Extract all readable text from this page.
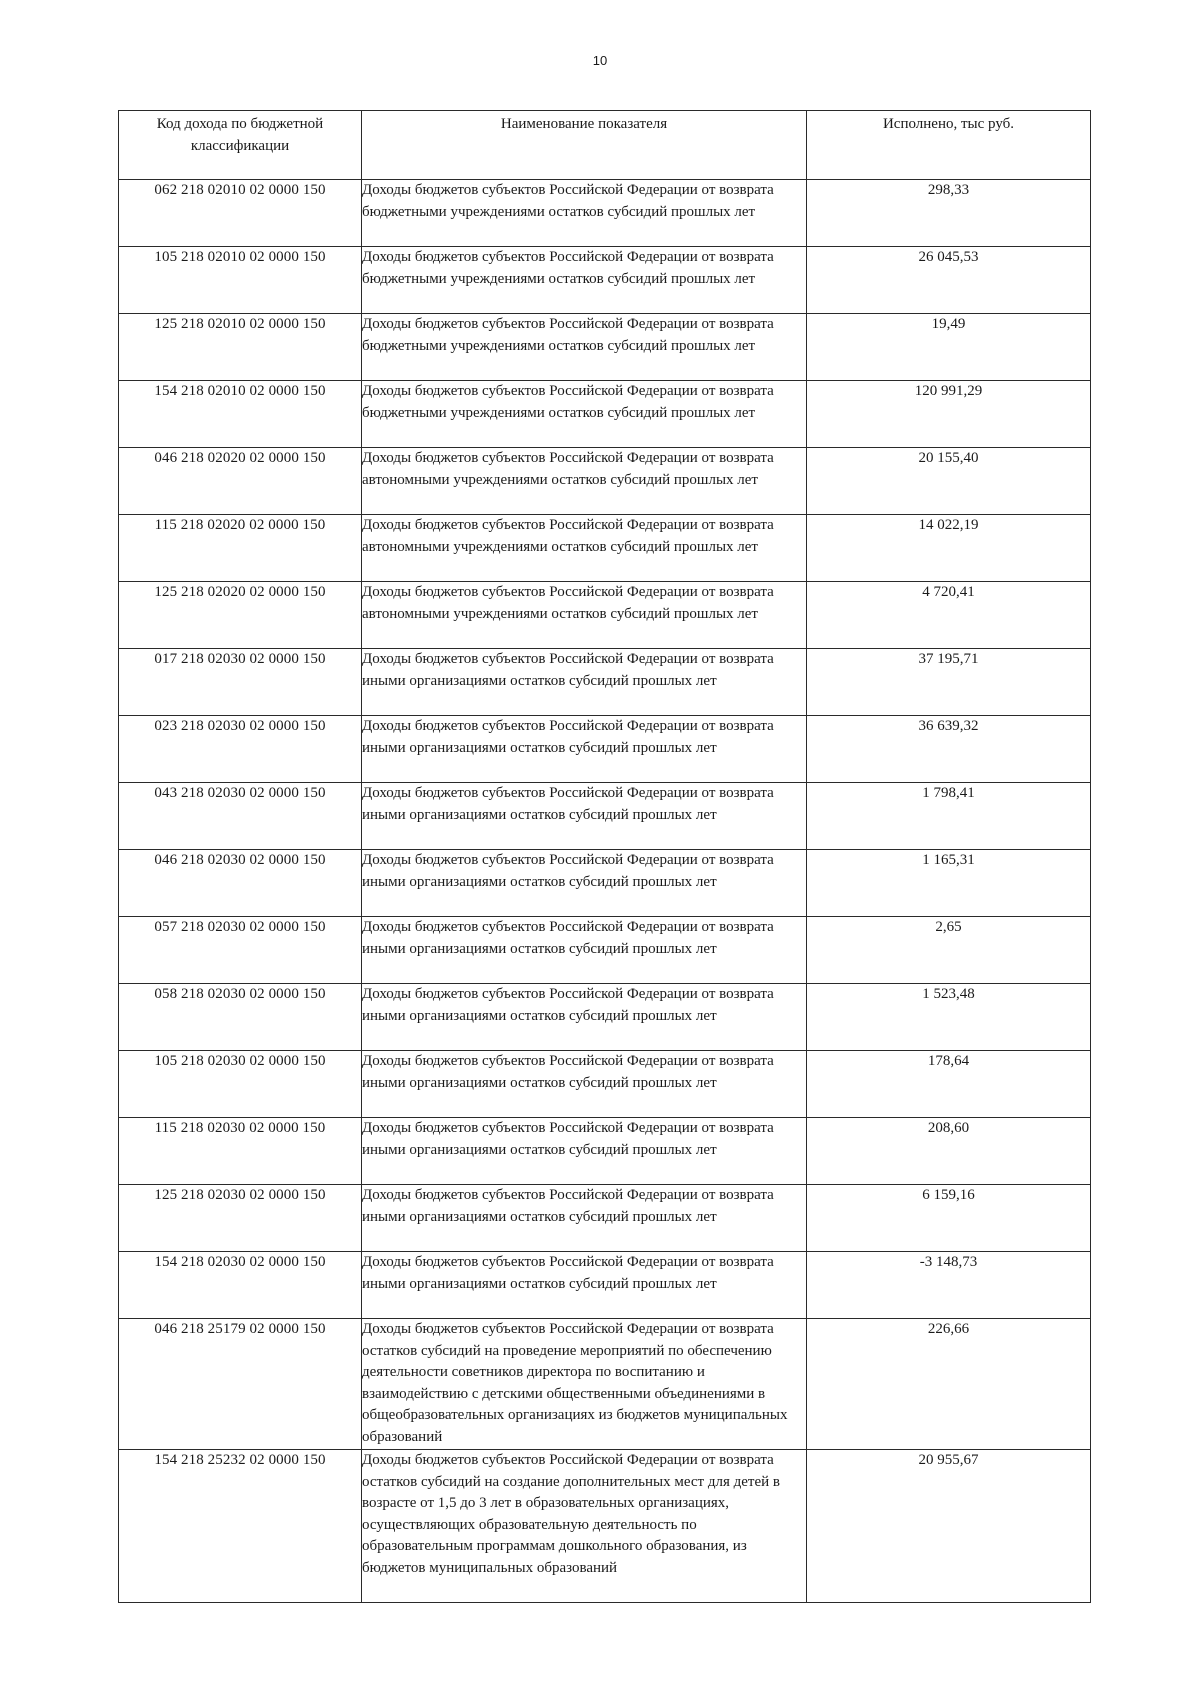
10
Код дохода по бюджетной классификации	Наименование показателя	Исполнено, тыс руб.
062 218 02010 02 0000 150	Доходы бюджетов субъектов Российской Федерации от возврата бюджетными учреждениями остатков субсидий прошлых лет	298,33
105 218 02010 02 0000 150	Доходы бюджетов субъектов Российской Федерации от возврата бюджетными учреждениями остатков субсидий прошлых лет	26 045,53
125 218 02010 02 0000 150	Доходы бюджетов субъектов Российской Федерации от возврата бюджетными учреждениями остатков субсидий прошлых лет	19,49
154 218 02010 02 0000 150	Доходы бюджетов субъектов Российской Федерации от возврата бюджетными учреждениями остатков субсидий прошлых лет	120 991,29
046 218 02020 02 0000 150	Доходы бюджетов субъектов Российской Федерации от возврата автономными учреждениями остатков субсидий прошлых лет	20 155,40
115 218 02020 02 0000 150	Доходы бюджетов субъектов Российской Федерации от возврата автономными учреждениями остатков субсидий прошлых лет	14 022,19
125 218 02020 02 0000 150	Доходы бюджетов субъектов Российской Федерации от возврата автономными учреждениями остатков субсидий прошлых лет	4 720,41
017 218 02030 02 0000 150	Доходы бюджетов субъектов Российской Федерации от возврата иными организациями остатков субсидий прошлых лет	37 195,71
023 218 02030 02 0000 150	Доходы бюджетов субъектов Российской Федерации от возврата иными организациями остатков субсидий прошлых лет	36 639,32
043 218 02030 02 0000 150	Доходы бюджетов субъектов Российской Федерации от возврата иными организациями остатков субсидий прошлых лет	1 798,41
046 218 02030 02 0000 150	Доходы бюджетов субъектов Российской Федерации от возврата иными организациями остатков субсидий прошлых лет	1 165,31
057 218 02030 02 0000 150	Доходы бюджетов субъектов Российской Федерации от возврата иными организациями остатков субсидий прошлых лет	2,65
058 218 02030 02 0000 150	Доходы бюджетов субъектов Российской Федерации от возврата иными организациями остатков субсидий прошлых лет	1 523,48
105 218 02030 02 0000 150	Доходы бюджетов субъектов Российской Федерации от возврата иными организациями остатков субсидий прошлых лет	178,64
115 218 02030 02 0000 150	Доходы бюджетов субъектов Российской Федерации от возврата иными организациями остатков субсидий прошлых лет	208,60
125 218 02030 02 0000 150	Доходы бюджетов субъектов Российской Федерации от возврата иными организациями остатков субсидий прошлых лет	6 159,16
154 218 02030 02 0000 150	Доходы бюджетов субъектов Российской Федерации от возврата иными организациями остатков субсидий прошлых лет	-3 148,73
046 218 25179 02 0000 150	Доходы бюджетов субъектов Российской Федерации от возврата остатков субсидий на проведение мероприятий по обеспечению деятельности советников директора по воспитанию и взаимодействию с детскими общественными объединениями в общеобразовательных организациях из бюджетов муниципальных образований	226,66
154 218 25232 02 0000 150	Доходы бюджетов субъектов Российской Федерации от возврата остатков субсидий на создание дополнительных мест для детей в возрасте от 1,5 до 3 лет в образовательных организациях, осуществляющих образовательную деятельность по образовательным программам дошкольного образования, из бюджетов муниципальных образований	20 955,67
